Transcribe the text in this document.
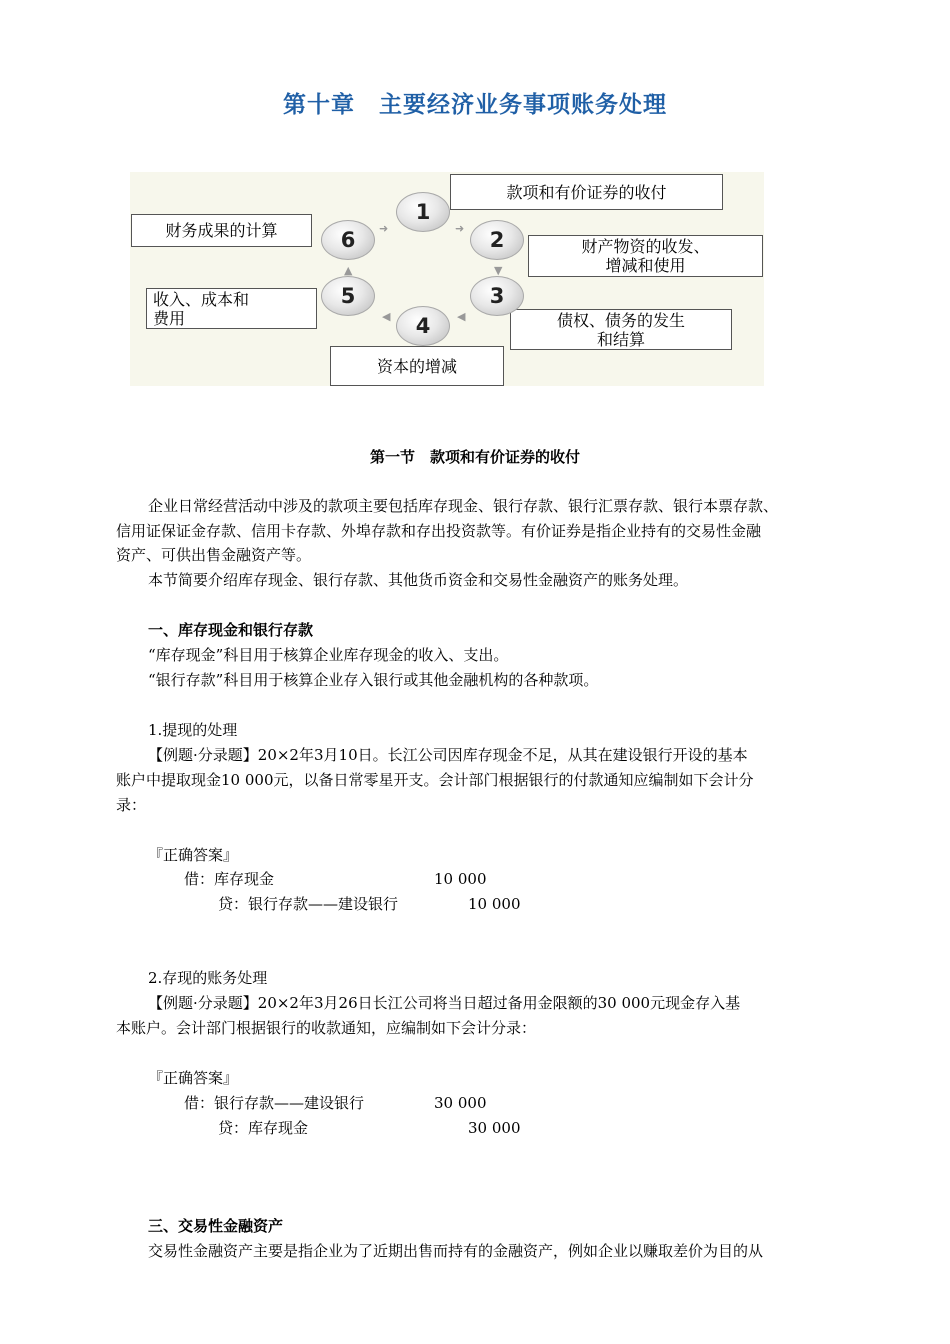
第十章　主要经济业务事项账务处理
款项和有价证券的收付
财产物资的收发、
增减和使用
债权、债务的发生
和结算
资本的增减
收入、成本和
费用
财务成果的计算
1
2
3
4
5
6	➜
▼
◀
◀
▲
➜
第一节　款项和有价证券的收付
企业日常经营活动中涉及的款项主要包括库存现金、银行存款、银行汇票存款、银行本票存款、
信用证保证金存款、信用卡存款、外埠存款和存出投资款等。有价证券是指企业持有的交易性金融
资产、可供出售金融资产等。
本节简要介绍库存现金、银行存款、其他货币资金和交易性金融资产的账务处理。
一、库存现金和银行存款
“库存现金”科目用于核算企业库存现金的收入、支出。
“银行存款”科目用于核算企业存入银行或其他金融机构的各种款项。
1.提现的处理
【例题·分录题】20×2年3月10日。长江公司因库存现金不足，从其在建设银行开设的基本
账户中提取现金10 000元，以备日常零星开支。会计部门根据银行的付款通知应编制如下会计分
录：
『正确答案』
借：库存现金	10 000
贷：银行存款——建设银行	10 000
2.存现的账务处理
【例题·分录题】20×2年3月26日长江公司将当日超过备用金限额的30 000元现金存入基
本账户。会计部门根据银行的收款通知，应编制如下会计分录：
『正确答案』
借：银行存款——建设银行	30 000
贷：库存现金	30 000
三、交易性金融资产
交易性金融资产主要是指企业为了近期出售而持有的金融资产，例如企业以赚取差价为目的从
